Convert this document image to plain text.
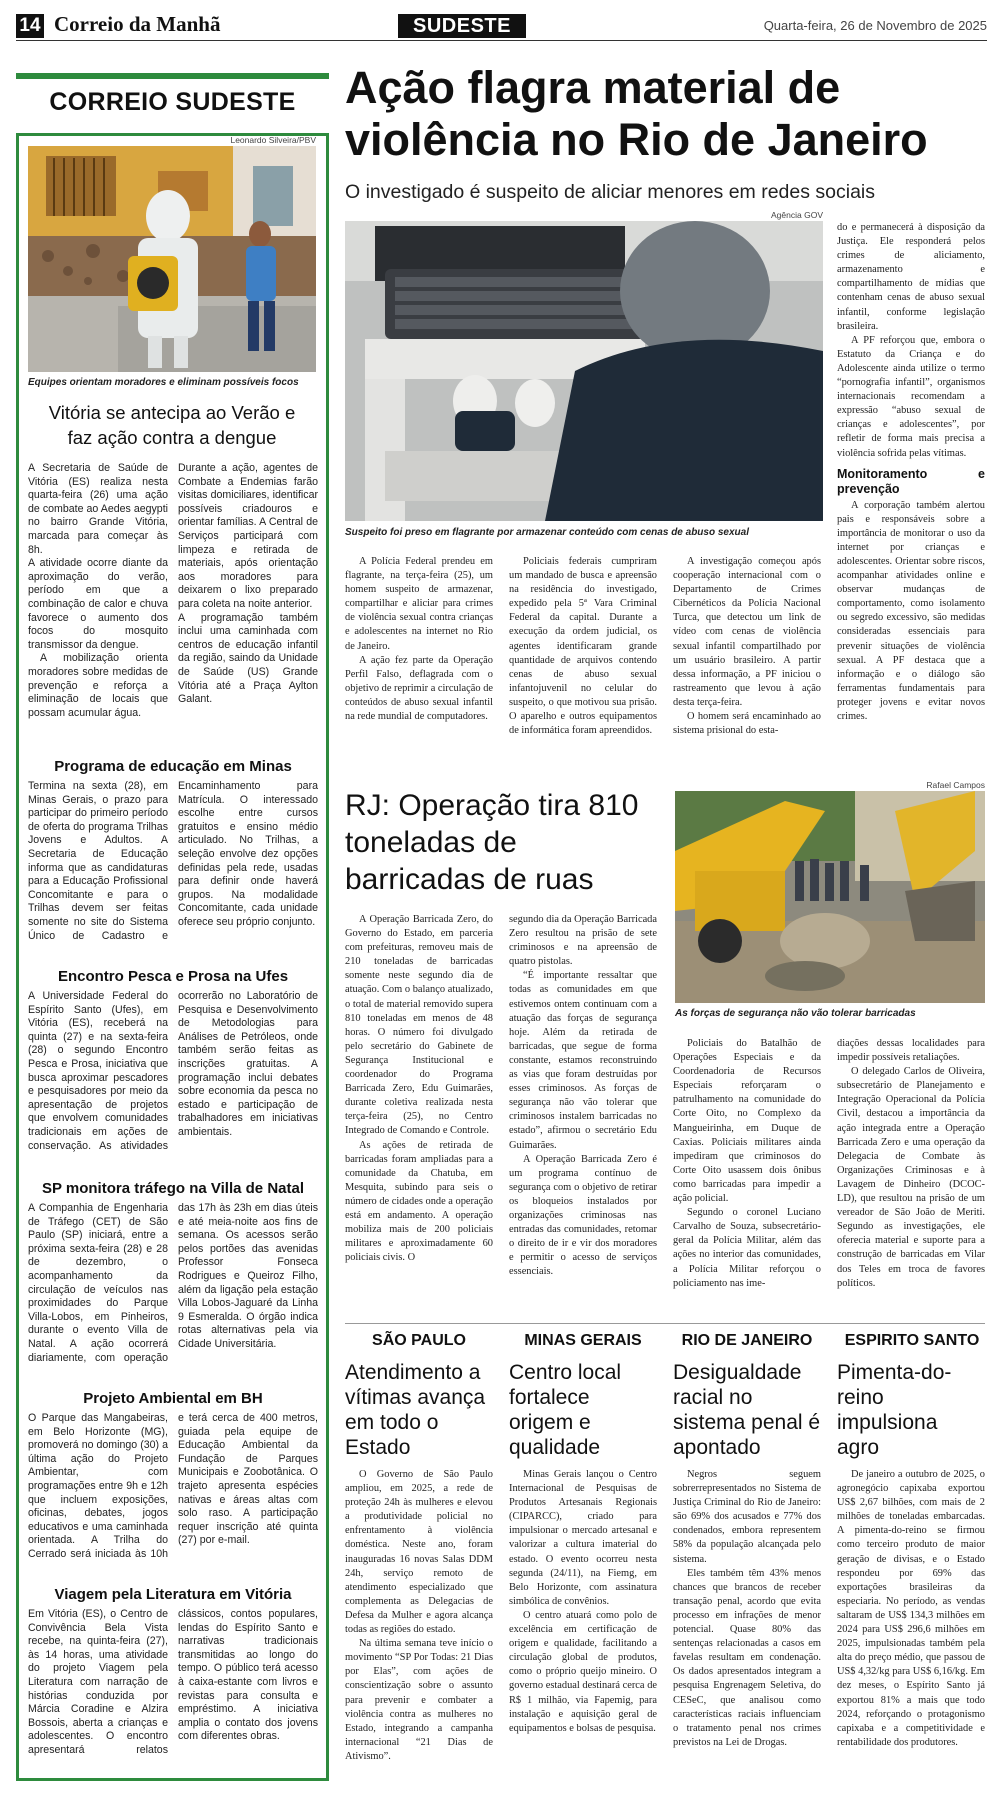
14 Correio da Manhã	SUDESTE	Quarta-feira, 26 de Novembro de 2025
CORREIO SUDESTE
Leonardo Silveira/PBV
Equipes orientam moradores e eliminam possíveis focos
Vitória se antecipa ao Verão e faz ação contra a dengue

A Secretaria de Saúde de Vitória (ES) realiza nesta quarta-feira (26) uma ação de combate ao Aedes aegypti no bairro Grande Vitória, marcada para começar às 8h.

A atividade ocorre diante da aproximação do verão, período em que a combinação de calor e chuva favorece o aumento dos focos do mosquito transmissor da dengue.

A mobilização orienta moradores sobre medidas de prevenção e reforça a eliminação de locais que possam acumular água.

Durante a ação, agentes de Combate a Endemias farão visitas domiciliares, identificar possíveis criadouros e orientar famílias. A Central de Serviços participará com limpeza e retirada de materiais, após orientação aos moradores para deixarem o lixo preparado para coleta na noite anterior.

A programação também inclui uma caminhada com centros de educação infantil da região, saindo da Unidade de Saúde (US) Grande Vitória até a Praça Aylton Galant.

Programa de educação em Minas
Termina na sexta (28), em Minas Gerais, o prazo para participar do primeiro período de oferta do programa Trilhas Jovens e Adultos. A Secretaria de Educação informa que as candidaturas para a Educação Profissional Concomitante e para o Trilhas devem ser feitas somente no site do Sistema Único de Cadastro e Encaminhamento para Matrícula. O interessado escolhe entre cursos gratuitos e ensino médio articulado. No Trilhas, a seleção envolve dez opções definidas pela rede, usadas para definir onde haverá grupos. Na modalidade Concomitante, cada unidade oferece seu próprio conjunto.
Encontro Pesca e Prosa na Ufes
A Universidade Federal do Espírito Santo (Ufes), em Vitória (ES), receberá na quinta (27) e na sexta-feira (28) o segundo Encontro Pesca e Prosa, iniciativa que busca aproximar pescadores e pesquisadores por meio da apresentação de projetos que envolvem comunidades tradicionais em ações de conservação. As atividades ocorrerão no Laboratório de Pesquisa e Desenvolvimento de Metodologias para Análises de Petróleos, onde também serão feitas as inscrições gratuitas. A programação inclui debates sobre economia da pesca no estado e participação de trabalhadores em iniciativas ambientais.
SP monitora tráfego na Villa de Natal
A Companhia de Engenharia de Tráfego (CET) de São Paulo (SP) iniciará, entre a próxima sexta-feira (28) e 28 de dezembro, o acompanhamento da circulação de veículos nas proximidades do Parque Villa-Lobos, em Pinheiros, durante o evento Villa de Natal. A ação ocorrerá diariamente, com operação das 17h às 23h em dias úteis e até meia-noite aos fins de semana. Os acessos serão pelos portões das avenidas Professor Fonseca Rodrigues e Queiroz Filho, além da ligação pela estação Villa Lobos-Jaguaré da Linha 9 Esmeralda. O órgão indica rotas alternativas pela via Cidade Universitária.
Projeto Ambiental em BH
O Parque das Mangabeiras, em Belo Horizonte (MG), promoverá no domingo (30) a última ação do Projeto Ambientar, com programações entre 9h e 12h que incluem exposições, oficinas, debates, jogos educativos e uma caminhada orientada. A Trilha do Cerrado será iniciada às 10h e terá cerca de 400 metros, guiada pela equipe de Educação Ambiental da Fundação de Parques Municipais e Zoobotânica. O trajeto apresenta espécies nativas e áreas altas com solo raso. A participação requer inscrição até quinta (27) por e-mail.
Viagem pela Literatura em Vitória
Em Vitória (ES), o Centro de Convivência Bela Vista recebe, na quinta-feira (27), às 14 horas, uma atividade do projeto Viagem pela Literatura com narração de histórias conduzida por Márcia Coradine e Alzira Bossois, aberta a crianças e adolescentes. O encontro apresentará relatos clássicos, contos populares, lendas do Espírito Santo e narrativas tradicionais transmitidas ao longo do tempo. O público terá acesso à caixa-estante com livros e revistas para consulta e empréstimo. A iniciativa amplia o contato dos jovens com diferentes obras.
Ação flagra material de violência no Rio de Janeiro
O investigado é suspeito de aliciar menores em redes sociais
Agência GOV
Suspeito foi preso em flagrante por armazenar conteúdo com cenas de abuso sexual

do e permanecerá à disposição da Justiça. Ele responderá pelos crimes de aliciamento, armazenamento e compartilhamento de mídias que contenham cenas de abuso sexual infantil, conforme legislação brasileira.

A PF reforçou que, embora o Estatuto da Criança e do Adolescente ainda utilize o termo “pornografia infantil”, organismos internacionais recomendam a expressão “abuso sexual de crianças e adolescentes”, por refletir de forma mais precisa a violência sofrida pelas vítimas.

Monitoramento e prevenção

A corporação também alertou pais e responsáveis sobre a importância de monitorar o uso da internet por crianças e adolescentes. Orientar sobre riscos, acompanhar atividades online e observar mudanças de comportamento, como isolamento ou segredo excessivo, são medidas consideradas essenciais para prevenir situações de violência sexual. A PF destaca que a informação e o diálogo são ferramentas fundamentais para proteger jovens e evitar novos crimes.

A Polícia Federal prendeu em flagrante, na terça-feira (25), um homem suspeito de armazenar, compartilhar e aliciar para crimes de violência sexual contra crianças e adolescentes na internet no Rio de Janeiro.

A ação fez parte da Operação Perfil Falso, deflagrada com o objetivo de reprimir a circulação de conteúdos de abuso sexual infantil na rede mundial de computadores.

Policiais federais cumpriram um mandado de busca e apreensão na residência do investigado, expedido pela 5ª Vara Criminal Federal da capital. Durante a execução da ordem judicial, os agentes identificaram grande quantidade de arquivos contendo cenas de abuso sexual infantojuvenil no celular do suspeito, o que motivou sua prisão. O aparelho e outros equipamentos de informática foram apreendidos.

A investigação começou após cooperação internacional com o Departamento de Crimes Cibernéticos da Polícia Nacional Turca, que detectou um link de vídeo com cenas de violência sexual infantil compartilhado por um usuário brasileiro. A partir dessa informação, a PF iniciou o rastreamento que levou à ação desta terça-feira.

O homem será encaminhado ao sistema prisional do esta-

RJ: Operação tira 810 toneladas de barricadas de ruas
Rafael Campos
As forças de segurança não vão tolerar barricadas

A Operação Barricada Zero, do Governo do Estado, em parceria com prefeituras, removeu mais de 210 toneladas de barricadas somente neste segundo dia de atuação. Com o balanço atualizado, o total de material removido supera 810 toneladas em menos de 48 horas. O número foi divulgado pelo secretário do Gabinete de Segurança Institucional e coordenador do Programa Barricada Zero, Edu Guimarães, durante coletiva realizada nesta terça-feira (25), no Centro Integrado de Comando e Controle.

As ações de retirada de barricadas foram ampliadas para a comunidade da Chatuba, em Mesquita, subindo para seis o número de cidades onde a operação está em andamento. A operação mobiliza mais de 200 policiais militares e aproximadamente 60 policiais civis. O

segundo dia da Operação Barricada Zero resultou na prisão de sete criminosos e na apreensão de quatro pistolas.

“É importante ressaltar que todas as comunidades em que estivemos ontem continuam com a atuação das forças de segurança hoje. Além da retirada de barricadas, que segue de forma constante, estamos reconstruindo as vias que foram destruídas por esses criminosos. As forças de segurança não vão tolerar que criminosos instalem barricadas no estado”, afirmou o secretário Edu Guimarães.

A Operação Barricada Zero é um programa contínuo de segurança com o objetivo de retirar os bloqueios instalados por organizações criminosas nas entradas das comunidades, retomar o direito de ir e vir dos moradores e permitir o acesso de serviços essenciais.

Policiais do Batalhão de Operações Especiais e da Coordenadoria de Recursos Especiais reforçaram o patrulhamento na comunidade do Corte Oito, no Complexo da Mangueirinha, em Duque de Caxias. Policiais militares ainda impediram que criminosos do Corte Oito usassem dois ônibus como barricadas para impedir a ação policial.

Segundo o coronel Luciano Carvalho de Souza, subsecretário-geral da Polícia Militar, além das ações no interior das comunidades, a Polícia Militar reforçou o policiamento nas ime-

diações dessas localidades para impedir possíveis retaliações.

O delegado Carlos de Oliveira, subsecretário de Planejamento e Integração Operacional da Polícia Civil, destacou a importância da ação integrada entre a Operação Barricada Zero e uma operação da Delegacia de Combate às Organizações Criminosas e à Lavagem de Dinheiro (DCOC-LD), que resultou na prisão de um vereador de São João de Meriti. Segundo as investigações, ele oferecia material e suporte para a construção de barricadas em Vilar dos Teles em troca de favores políticos.

SÃO PAULO
Atendimento a vítimas avança em todo o Estado

O Governo de São Paulo ampliou, em 2025, a rede de proteção 24h às mulheres e elevou a produtividade policial no enfrentamento à violência doméstica. Neste ano, foram inauguradas 16 novas Salas DDM 24h, serviço remoto de atendimento especializado que complementa as Delegacias de Defesa da Mulher e agora alcança todas as regiões do estado.

Na última semana teve início o movimento “SP Por Todas: 21 Dias por Elas”, com ações de conscientização sobre o assunto para prevenir e combater a violência contra as mulheres no Estado, integrando a campanha internacional “21 Dias de Ativismo”.

MINAS GERAIS
Centro local fortalece origem e qualidade

Minas Gerais lançou o Centro Internacional de Pesquisas de Produtos Artesanais Regionais (CIPARCC), criado para impulsionar o mercado artesanal e valorizar a cultura imaterial do estado. O evento ocorreu nesta segunda (24/11), na Fiemg, em Belo Horizonte, com assinatura simbólica de convênios.

O centro atuará como polo de excelência em certificação de origem e qualidade, facilitando a circulação global de produtos, como o próprio queijo mineiro. O governo estadual destinará cerca de R$ 1 milhão, via Fapemig, para instalação e aquisição geral de equipamentos e bolsas de pesquisa.

RIO DE JANEIRO
Desigualdade racial no sistema penal é apontado

Negros seguem sobrerrepresentados no Sistema de Justiça Criminal do Rio de Janeiro: são 69% dos acusados e 77% dos condenados, embora representem 58% da população alcançada pelo sistema.

Eles também têm 43% menos chances que brancos de receber transação penal, acordo que evita processo em infrações de menor potencial. Quase 80% das sentenças relacionadas a casos em favelas resultam em condenação. Os dados apresentados integram a pesquisa Engrenagem Seletiva, do CESeC, que analisou como características raciais influenciam o tratamento penal nos crimes previstos na Lei de Drogas.

ESPIRITO SANTO
Pimenta-do-reino impulsiona agro

De janeiro a outubro de 2025, o agronegócio capixaba exportou US$ 2,67 bilhões, com mais de 2 milhões de toneladas embarcadas. A pimenta-do-reino se firmou como terceiro produto de maior geração de divisas, e o Estado respondeu por 69% das exportações brasileiras da especiaria. No período, as vendas saltaram de US$ 134,3 milhões em 2024 para US$ 296,6 milhões em 2025, impulsionadas também pela alta do preço médio, que passou de US$ 4,32/kg para US$ 6,16/kg. Em dez meses, o Espírito Santo já exportou 81% a mais que todo 2024, reforçando o protagonismo capixaba e a competitividade e rentabilidade dos produtores.
